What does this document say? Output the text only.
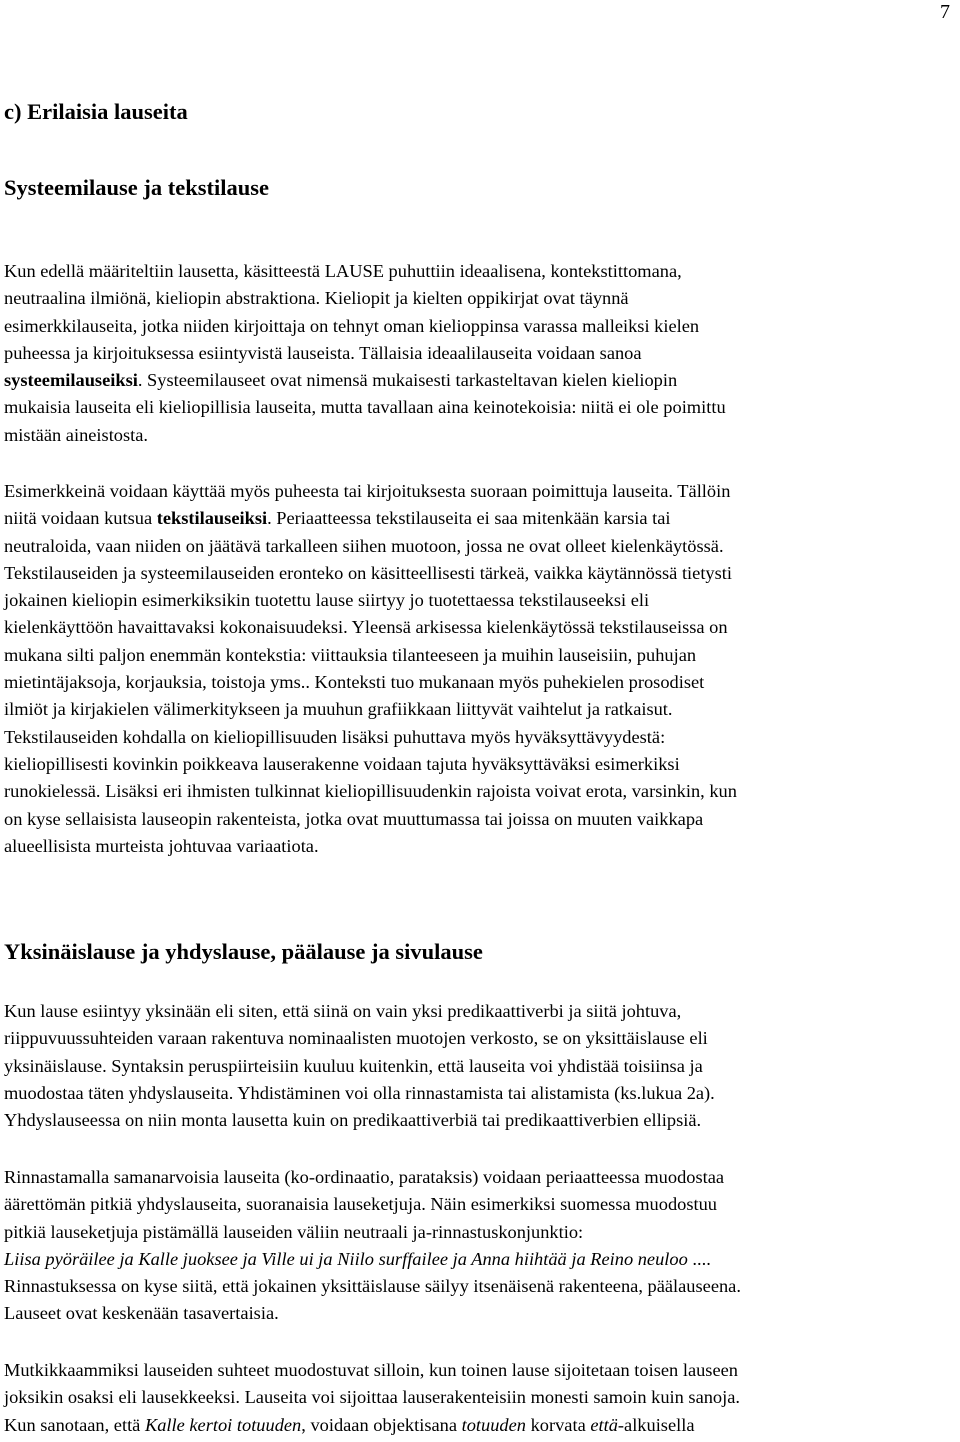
7
c) Erilaisia lauseita
Systeemilause ja tekstilause
Kun edellä määriteltiin lausetta, käsitteestä LAUSE puhuttiin ideaalisena, kontekstittomana,
neutraalina ilmiönä, kieliopin abstraktiona. Kieliopit ja kielten oppikirjat ovat täynnä
esimerkkilauseita, jotka niiden kirjoittaja on tehnyt oman kielioppinsa varassa malleiksi kielen
puheessa ja kirjoituksessa esiintyvistä lauseista. Tällaisia ideaalilauseita voidaan sanoa
systeemilauseiksi. Systeemilauseet ovat nimensä mukaisesti tarkasteltavan kielen kieliopin
mukaisia lauseita eli kieliopillisia lauseita, mutta tavallaan aina keinotekoisia: niitä ei ole poimittu
mistään aineistosta.
Esimerkkeinä voidaan käyttää myös puheesta tai kirjoituksesta suoraan poimittuja lauseita. Tällöin
niitä voidaan kutsua tekstilauseiksi. Periaatteessa tekstilauseita ei saa mitenkään karsia tai
neutraloida, vaan niiden on jäätävä tarkalleen siihen muotoon, jossa ne ovat olleet kielenkäytössä.
Tekstilauseiden ja systeemilauseiden eronteko on käsitteellisesti tärkeä, vaikka käytännössä tietysti
jokainen kieliopin esimerkiksikin tuotettu lause siirtyy jo tuotettaessa tekstilauseeksi eli
kielenkäyttöön havaittavaksi kokonaisuudeksi. Yleensä arkisessa kielenkäytössä tekstilauseissa on
mukana silti paljon enemmän kontekstia: viittauksia tilanteeseen ja muihin lauseisiin, puhujan
mietintäjaksoja, korjauksia, toistoja yms.. Konteksti tuo mukanaan myös puhekielen prosodiset
ilmiöt ja kirjakielen välimerkitykseen ja muuhun grafiikkaan liittyvät vaihtelut ja ratkaisut.
Tekstilauseiden kohdalla on kieliopillisuuden lisäksi puhuttava myös hyväksyttävyydestä:
kieliopillisesti kovinkin poikkeava lauserakenne voidaan tajuta hyväksyttäväksi esimerkiksi
runokielessä. Lisäksi eri ihmisten tulkinnat kieliopillisuudenkin rajoista voivat erota, varsinkin, kun
on kyse sellaisista lauseopin rakenteista, jotka ovat muuttumassa tai joissa on muuten vaikkapa
alueellisista murteista johtuvaa variaatiota.
Yksinäislause ja yhdyslause, päälause ja sivulause
Kun lause esiintyy yksinään eli siten, että siinä on vain yksi predikaattiverbi ja siitä johtuva,
riippuvuussuhteiden varaan rakentuva nominaalisten muotojen verkosto, se on yksittäislause eli
yksinäislause. Syntaksin peruspiirteisiin kuuluu kuitenkin, että lauseita voi yhdistää toisiinsa ja
muodostaa täten yhdyslauseita. Yhdistäminen voi olla rinnastamista tai alistamista (ks.lukua 2a).
Yhdyslauseessa on niin monta lausetta kuin on predikaattiverbiä tai predikaattiverbien ellipsiä.
Rinnastamalla samanarvoisia lauseita (ko-ordinaatio, parataksis) voidaan periaatteessa muodostaa
äärettömän pitkiä yhdyslauseita, suoranaisia lauseketjuja. Näin esimerkiksi suomessa muodostuu
pitkiä lauseketjuja pistämällä lauseiden väliin neutraali ja-rinnastuskonjunktio:
Liisa pyöräilee ja Kalle juoksee ja Ville ui ja Niilo surffailee ja Anna hiihtää ja Reino neuloo ....
Rinnastuksessa on kyse siitä, että jokainen yksittäislause säilyy itsenäisenä rakenteena, päälauseena.
Lauseet ovat keskenään tasavertaisia.
Mutkikkaammiksi lauseiden suhteet muodostuvat silloin, kun toinen lause sijoitetaan toisen lauseen
joksikin osaksi eli lausekkeeksi. Lauseita voi sijoittaa lauserakenteisiin monesti samoin kuin sanoja.
Kun sanotaan, että Kalle kertoi totuuden, voidaan objektisana totuuden korvata että-alkuisella
